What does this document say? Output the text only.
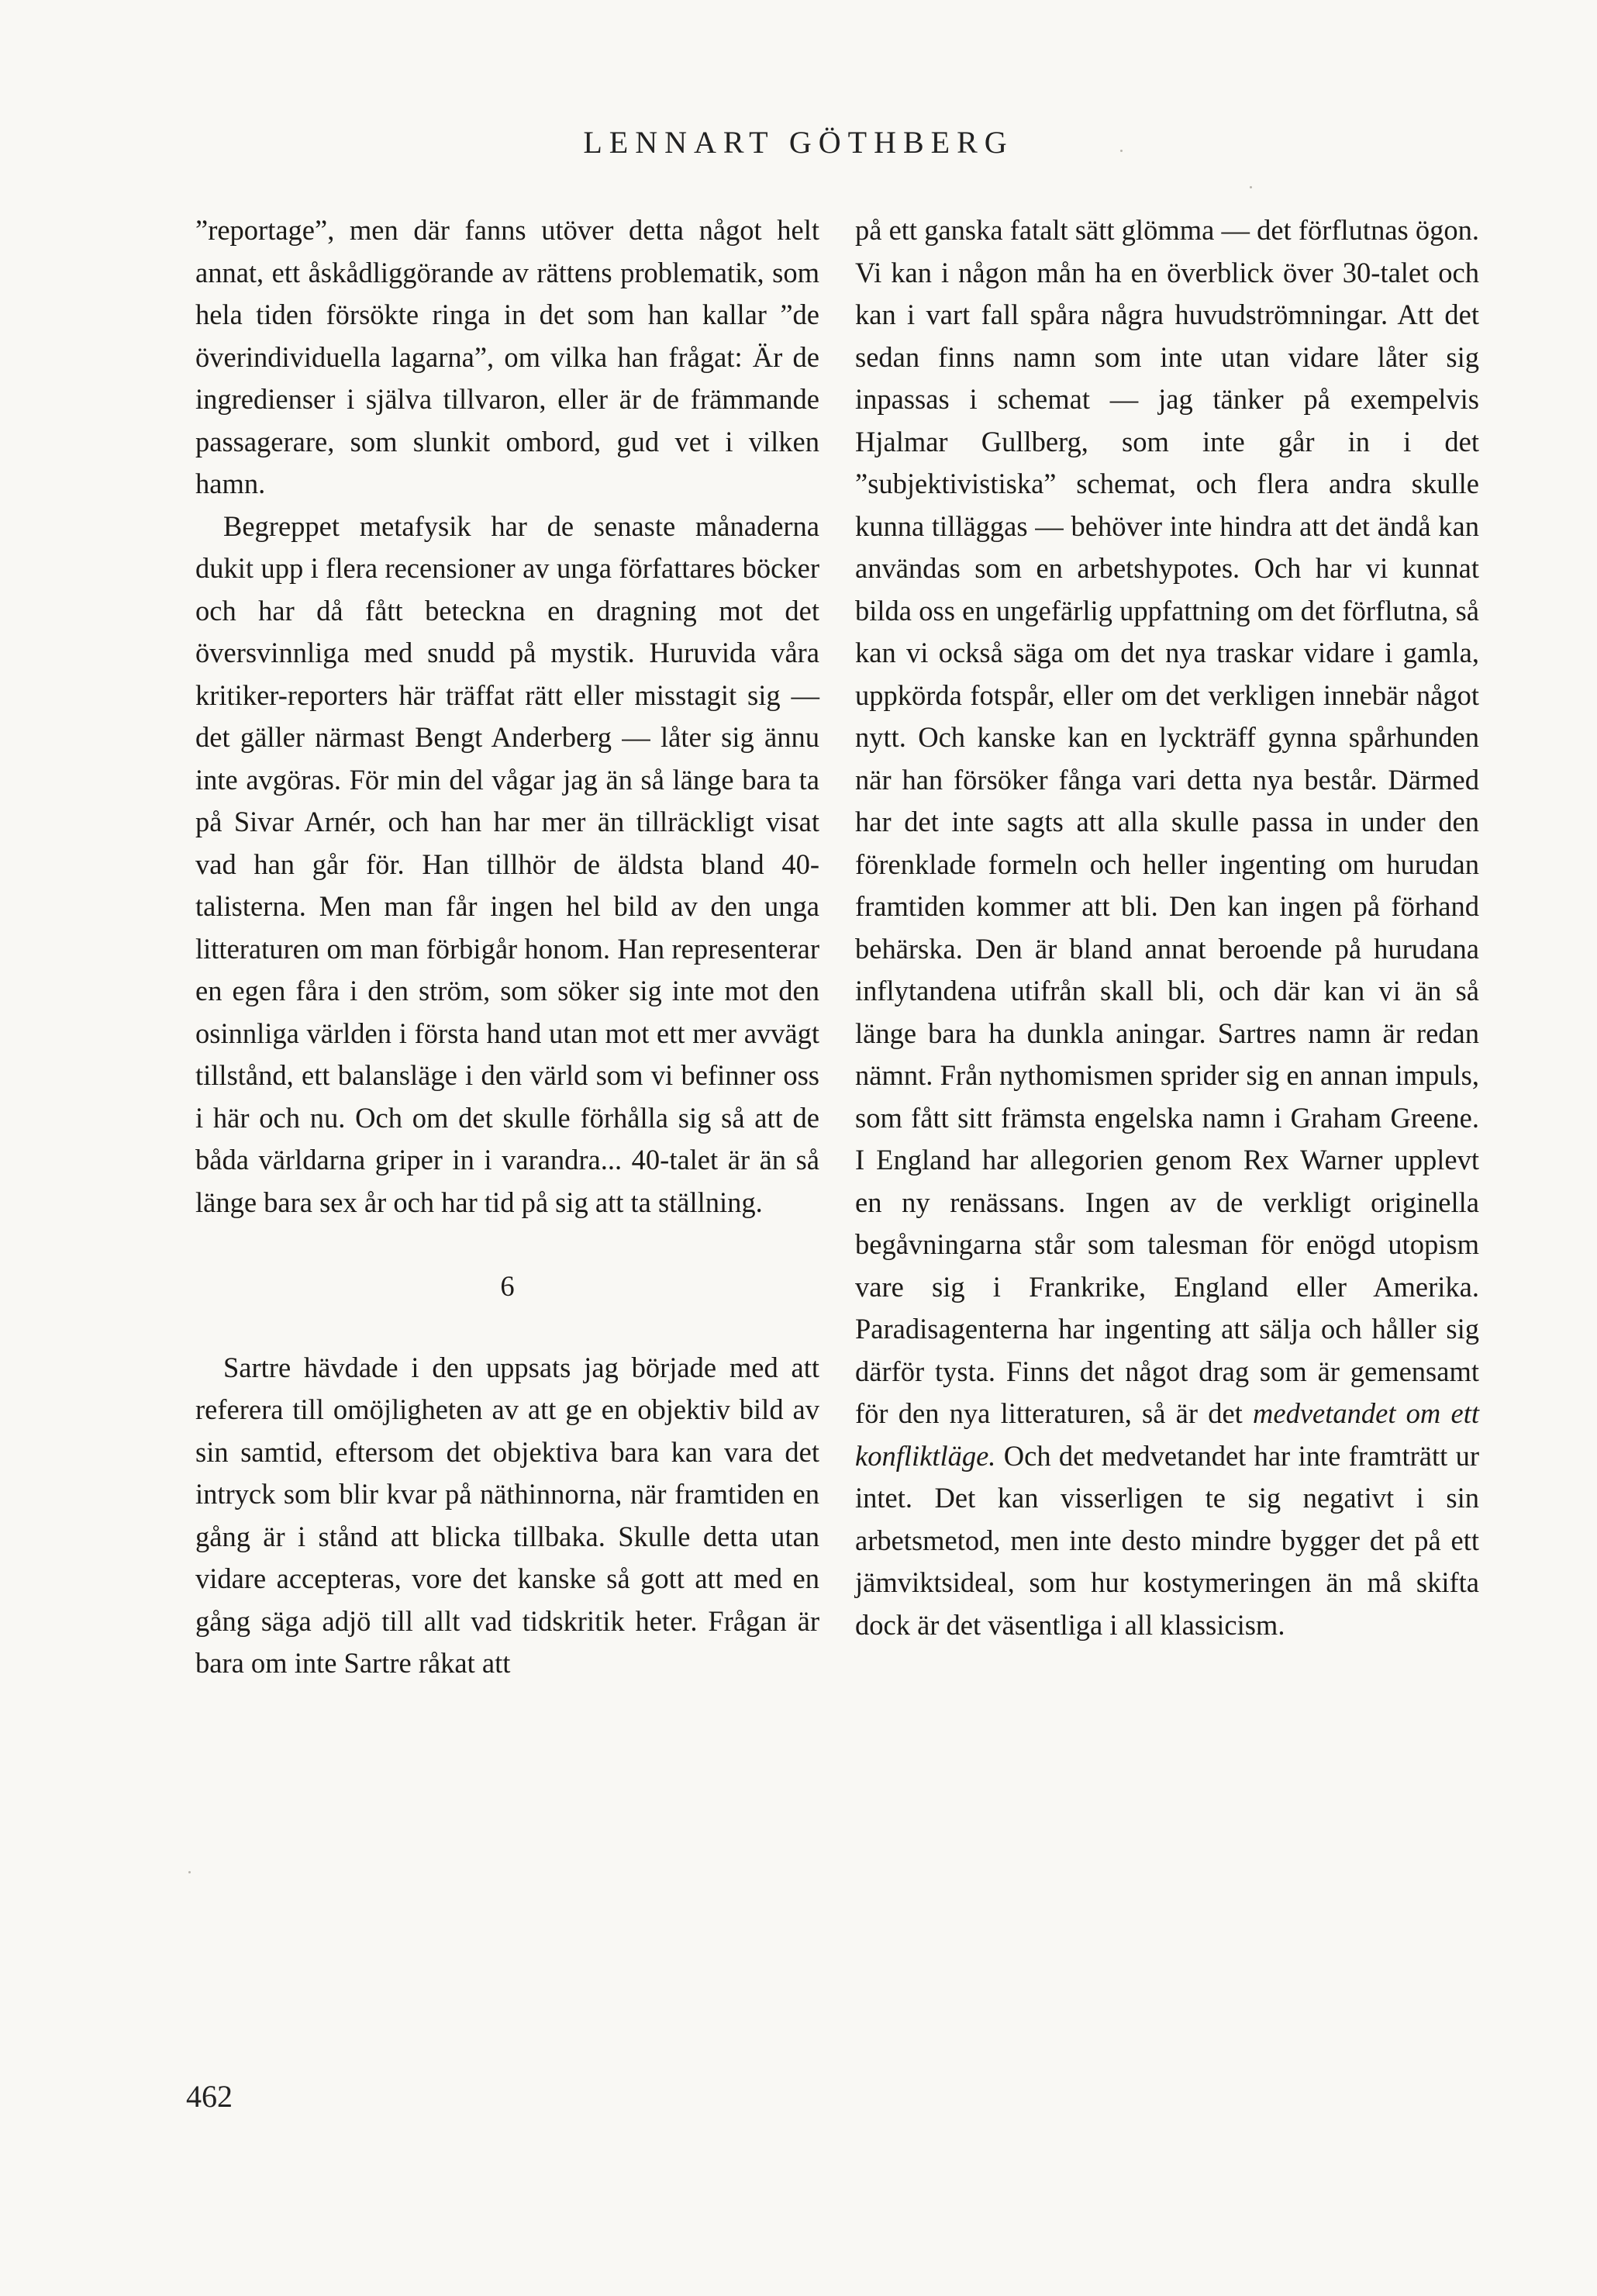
LENNART GÖTHBERG

”reportage”, men där fanns utöver detta något helt annat, ett åskådliggörande av rättens problematik, som hela tiden försökte ringa in det som han kallar ”de överindividuella lagarna”, om vilka han frågat: Är de ingredienser i själva tillvaron, eller är de främmande passagerare, som slunkit ombord, gud vet i vilken hamn.

Begreppet metafysik har de senaste månaderna dukit upp i flera recensioner av unga författares böcker och har då fått beteckna en dragning mot det översvinnliga med snudd på mystik. Huruvida våra kritiker-reporters här träffat rätt eller misstagit sig — det gäller närmast Bengt Anderberg — låter sig ännu inte avgöras. För min del vågar jag än så länge bara ta på Sivar Arnér, och han har mer än tillräckligt visat vad han går för. Han tillhör de äldsta bland 40-talisterna. Men man får ingen hel bild av den unga litteraturen om man förbigår honom. Han representerar en egen fåra i den ström, som söker sig inte mot den osinnliga världen i första hand utan mot ett mer avvägt tillstånd, ett balansläge i den värld som vi befinner oss i här och nu. Och om det skulle förhålla sig så att de båda världarna griper in i varandra... 40-talet är än så länge bara sex år och har tid på sig att ta ställning.

6

Sartre hävdade i den uppsats jag började med att referera till omöjligheten av att ge en objektiv bild av sin samtid, eftersom det objektiva bara kan vara det intryck som blir kvar på näthinnorna, när framtiden en gång är i stånd att blicka tillbaka. Skulle detta utan vidare accepteras, vore det kanske så gott att med en gång säga adjö till allt vad tidskritik heter. Frågan är bara om inte Sartre råkat att

på ett ganska fatalt sätt glömma — det förflutnas ögon. Vi kan i någon mån ha en överblick över 30-talet och kan i vart fall spåra några huvudströmningar. Att det sedan finns namn som inte utan vidare låter sig inpassas i schemat — jag tänker på exempelvis Hjalmar Gullberg, som inte går in i det ”subjektivistiska” schemat, och flera andra skulle kunna tilläggas — behöver inte hindra att det ändå kan användas som en arbetshypotes. Och har vi kunnat bilda oss en ungefärlig uppfattning om det förflutna, så kan vi också säga om det nya traskar vidare i gamla, uppkörda fotspår, eller om det verkligen innebär något nytt. Och kanske kan en lyckträff gynna spårhunden när han försöker fånga vari detta nya består. Därmed har det inte sagts att alla skulle passa in under den förenklade formeln och heller ingenting om hurudan framtiden kommer att bli. Den kan ingen på förhand behärska. Den är bland annat beroende på hurudana inflytandena utifrån skall bli, och där kan vi än så länge bara ha dunkla aningar. Sartres namn är redan nämnt. Från nythomismen sprider sig en annan impuls, som fått sitt främsta engelska namn i Graham Greene. I England har allegorien genom Rex Warner upplevt en ny renässans. Ingen av de verkligt originella begåvningarna står som talesman för enögd utopism vare sig i Frankrike, England eller Amerika. Paradisagenterna har ingenting att sälja och håller sig därför tysta. Finns det något drag som är gemensamt för den nya litteraturen, så är det medvetandet om ett konfliktläge. Och det medvetandet har inte framträtt ur intet. Det kan visserligen te sig negativt i sin arbetsmetod, men inte desto mindre bygger det på ett jämviktsideal, som hur kostymeringen än må skifta dock är det väsentliga i all klassicism.

462
